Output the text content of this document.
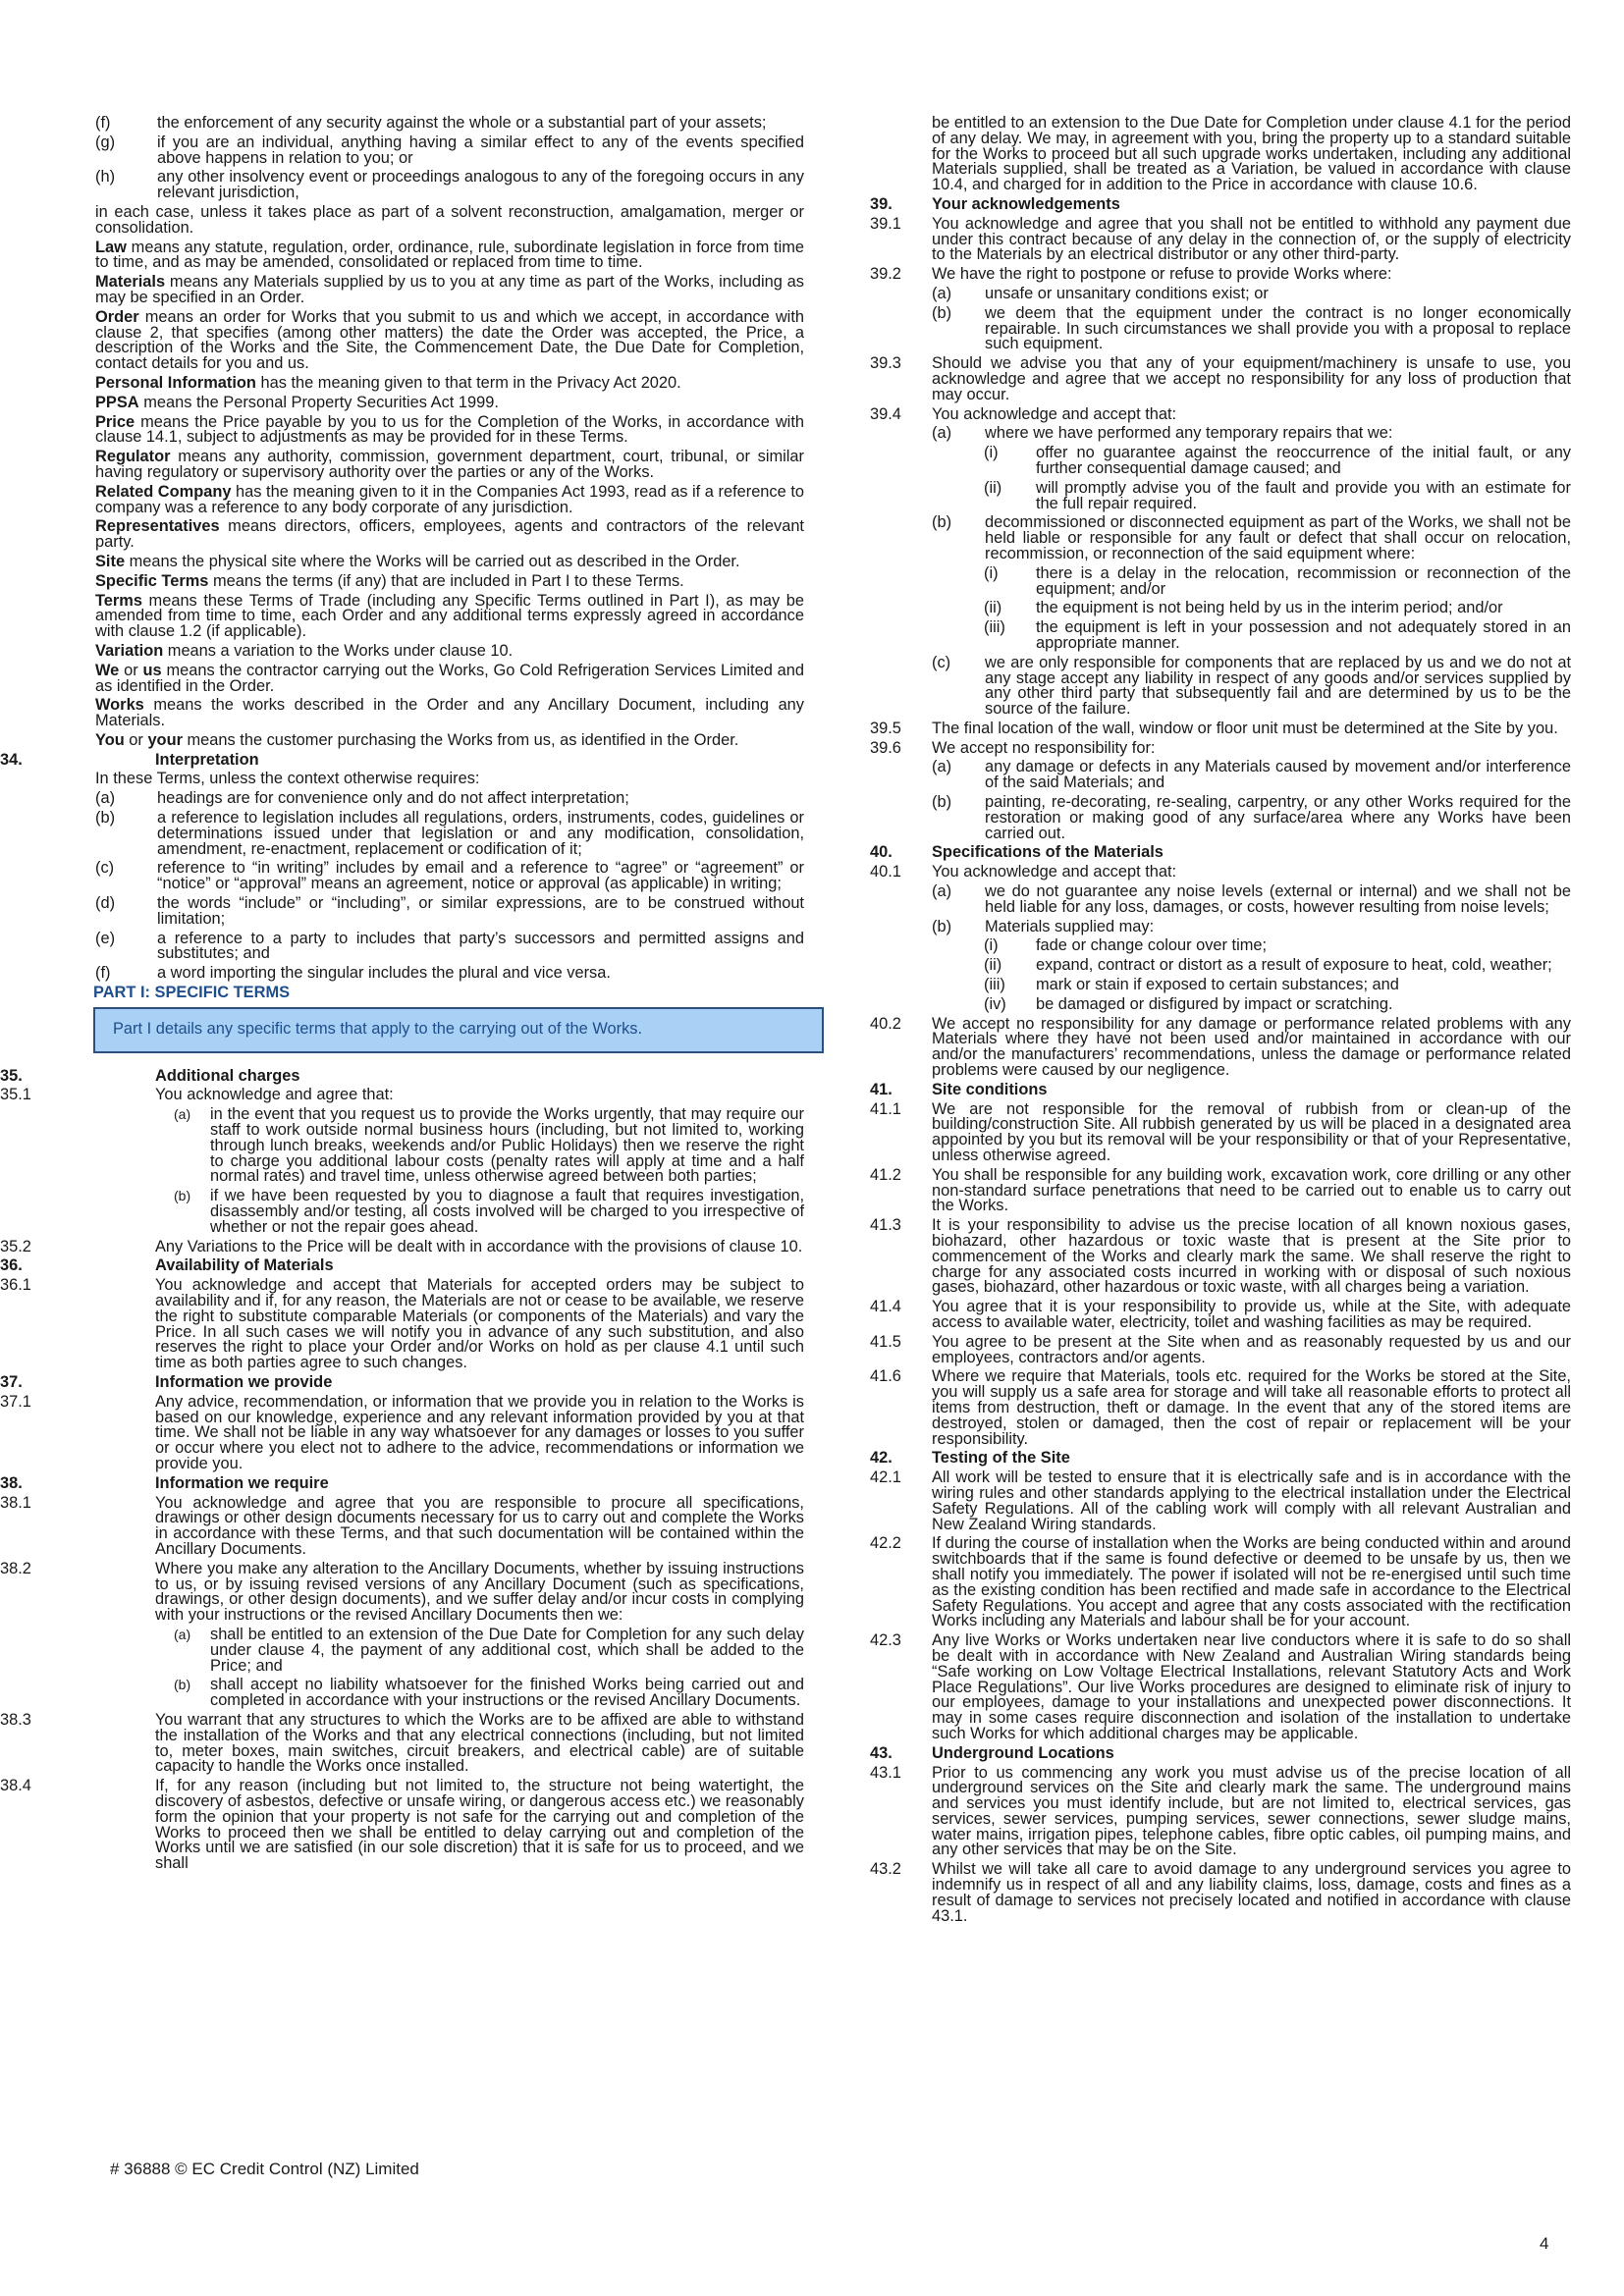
(f)	the enforcement of any security against the whole or a substantial part of your assets;
(g)	if you are an individual, anything having a similar effect to any of the events specified above happens in relation to you; or
(h)	any other insolvency event or proceedings analogous to any of the foregoing occurs in any relevant jurisdiction,

in each case, unless it takes place as part of a solvent reconstruction, amalgamation, merger or consolidation.

Law means any statute, regulation, order, ordinance, rule, subordinate legislation in force from time to time, and as may be amended, consolidated or replaced from time to time.

Materials means any Materials supplied by us to you at any time as part of the Works, including as may be specified in an Order.

Order means an order for Works that you submit to us and which we accept, in accordance with clause 2, that specifies (among other matters) the date the Order was accepted, the Price, a description of the Works and the Site, the Commencement Date, the Due Date for Completion, contact details for you and us.

Personal Information has the meaning given to that term in the Privacy Act 2020.

PPSA means the Personal Property Securities Act 1999.

Price means the Price payable by you to us for the Completion of the Works, in accordance with clause 14.1, subject to adjustments as may be provided for in these Terms.

Regulator means any authority, commission, government department, court, tribunal, or similar having regulatory or supervisory authority over the parties or any of the Works.

Related Company has the meaning given to it in the Companies Act 1993, read as if a reference to company was a reference to any body corporate of any jurisdiction.

Representatives means directors, officers, employees, agents and contractors of the relevant party.

Site means the physical site where the Works will be carried out as described in the Order.

Specific Terms means the terms (if any) that are included in Part I to these Terms.

Terms means these Terms of Trade (including any Specific Terms outlined in Part I), as may be amended from time to time, each Order and any additional terms expressly agreed in accordance with clause 1.2 (if applicable).

Variation means a variation to the Works under clause 10.

We or us means the contractor carrying out the Works, Go Cold Refrigeration Services Limited and as identified in the Order.

Works means the works described in the Order and any Ancillary Document, including any Materials.

You or your means the customer purchasing the Works from us, as identified in the Order.

34.	Interpretation

In these Terms, unless the context otherwise requires:

(a)	headings are for convenience only and do not affect interpretation;
(b)	a reference to legislation includes all regulations, orders, instruments, codes, guidelines or determinations issued under that legislation or and any modification, consolidation, amendment, re-enactment, replacement or codification of it;
(c)	reference to “in writing” includes by email and a reference to “agree” or “agreement” or “notice” or “approval” means an agreement, notice or approval (as applicable) in writing;
(d)	the words “include” or “including”, or similar expressions, are to be construed without limitation;
(e)	a reference to a party to includes that party’s successors and permitted assigns and substitutes; and
(f)	a word importing the singular includes the plural and vice versa.
PART I: SPECIFIC TERMS
Part I details any specific terms that apply to the carrying out of the Works.
35.	Additional charges
35.1	You acknowledge and agree that:
(a) in the event that you request us to provide the Works urgently, that may require our staff to work outside normal business hours (including, but not limited to, working through lunch breaks, weekends and/or Public Holidays) then we reserve the right to charge you additional labour costs (penalty rates will apply at time and a half normal rates) and travel time, unless otherwise agreed between both parties;
(b) if we have been requested by you to diagnose a fault that requires investigation, disassembly and/or testing, all costs involved will be charged to you irrespective of whether or not the repair goes ahead.
35.2	Any Variations to the Price will be dealt with in accordance with the provisions of clause 10.
36.	Availability of Materials
36.1	You acknowledge and accept that Materials for accepted orders may be subject to availability and if, for any reason, the Materials are not or cease to be available, we reserve the right to substitute comparable Materials (or components of the Materials) and vary the Price. In all such cases we will notify you in advance of any such substitution, and also reserves the right to place your Order and/or Works on hold as per clause 4.1 until such time as both parties agree to such changes.
37.	Information we provide
37.1	Any advice, recommendation, or information that we provide you in relation to the Works is based on our knowledge, experience and any relevant information provided by you at that time. We shall not be liable in any way whatsoever for any damages or losses to you suffer or occur where you elect not to adhere to the advice, recommendations or information we provide you.
38.	Information we require
38.1	You acknowledge and agree that you are responsible to procure all specifications, drawings or other design documents necessary for us to carry out and complete the Works in accordance with these Terms, and that such documentation will be contained within the Ancillary Documents.
38.2	Where you make any alteration to the Ancillary Documents, whether by issuing instructions to us, or by issuing revised versions of any Ancillary Document (such as specifications, drawings, or other design documents), and we suffer delay and/or incur costs in complying with your instructions or the revised Ancillary Documents then we:
(a) shall be entitled to an extension of the Due Date for Completion for any such delay under clause 4, the payment of any additional cost, which shall be added to the Price; and
(b) shall accept no liability whatsoever for the finished Works being carried out and completed in accordance with your instructions or the revised Ancillary Documents.
38.3	You warrant that any structures to which the Works are to be affixed are able to withstand the installation of the Works and that any electrical connections (including, but not limited to, meter boxes, main switches, circuit breakers, and electrical cable) are of suitable capacity to handle the Works once installed.
38.4	If, for any reason (including but not limited to, the structure not being watertight, the discovery of asbestos, defective or unsafe wiring, or dangerous access etc.) we reasonably form the opinion that your property is not safe for the carrying out and completion of the Works to proceed then we shall be entitled to delay carrying out and completion of the Works until we are satisfied (in our sole discretion) that it is safe for us to proceed, and we shall

be entitled to an extension to the Due Date for Completion under clause 4.1 for the period of any delay. We may, in agreement with you, bring the property up to a standard suitable for the Works to proceed but all such upgrade works undertaken, including any additional Materials supplied, shall be treated as a Variation, be valued in accordance with clause 10.4, and charged for in addition to the Price in accordance with clause 10.6.

39. Your acknowledgements
39.1 You acknowledge and agree that you shall not be entitled to withhold any payment due under this contract because of any delay in the connection of, or the supply of electricity to the Materials by an electrical distributor or any other third-party.
39.2 We have the right to postpone or refuse to provide Works where:
(a) unsafe or unsanitary conditions exist; or
(b) we deem that the equipment under the contract is no longer economically repairable. In such circumstances we shall provide you with a proposal to replace such equipment.
39.3 Should we advise you that any of your equipment/machinery is unsafe to use, you acknowledge and agree that we accept no responsibility for any loss of production that may occur.
39.4 You acknowledge and accept that:
(a) where we have performed any temporary repairs that we:
(i) offer no guarantee against the reoccurrence of the initial fault, or any further consequential damage caused; and
(ii) will promptly advise you of the fault and provide you with an estimate for the full repair required.
(b) decommissioned or disconnected equipment as part of the Works, we shall not be held liable or responsible for any fault or defect that shall occur on relocation, recommission, or reconnection of the said equipment where:
(i) there is a delay in the relocation, recommission or reconnection of the equipment; and/or
(ii) the equipment is not being held by us in the interim period; and/or
(iii) the equipment is left in your possession and not adequately stored in an appropriate manner.
(c) we are only responsible for components that are replaced by us and we do not at any stage accept any liability in respect of any goods and/or services supplied by any other third party that subsequently fail and are determined by us to be the source of the failure.
39.5 The final location of the wall, window or floor unit must be determined at the Site by you.
39.6 We accept no responsibility for:
(a) any damage or defects in any Materials caused by movement and/or interference of the said Materials; and
(b) painting, re-decorating, re-sealing, carpentry, or any other Works required for the restoration or making good of any surface/area where any Works have been carried out.
40. Specifications of the Materials
40.1 You acknowledge and accept that:
(a) we do not guarantee any noise levels (external or internal) and we shall not be held liable for any loss, damages, or costs, however resulting from noise levels;
(b) Materials supplied may:
(i) fade or change colour over time;
(ii) expand, contract or distort as a result of exposure to heat, cold, weather;
(iii) mark or stain if exposed to certain substances; and
(iv) be damaged or disfigured by impact or scratching.
40.2 We accept no responsibility for any damage or performance related problems with any Materials where they have not been used and/or maintained in accordance with our and/or the manufacturers’ recommendations, unless the damage or performance related problems were caused by our negligence.
41. Site conditions
41.1 We are not responsible for the removal of rubbish from or clean-up of the building/construction Site. All rubbish generated by us will be placed in a designated area appointed by you but its removal will be your responsibility or that of your Representative, unless otherwise agreed.
41.2 You shall be responsible for any building work, excavation work, core drilling or any other non-standard surface penetrations that need to be carried out to enable us to carry out the Works.
41.3 It is your responsibility to advise us the precise location of all known noxious gases, biohazard, other hazardous or toxic waste that is present at the Site prior to commencement of the Works and clearly mark the same. We shall reserve the right to charge for any associated costs incurred in working with or disposal of such noxious gases, biohazard, other hazardous or toxic waste, with all charges being a variation.
41.4 You agree that it is your responsibility to provide us, while at the Site, with adequate access to available water, electricity, toilet and washing facilities as may be required.
41.5 You agree to be present at the Site when and as reasonably requested by us and our employees, contractors and/or agents.
41.6 Where we require that Materials, tools etc. required for the Works be stored at the Site, you will supply us a safe area for storage and will take all reasonable efforts to protect all items from destruction, theft or damage. In the event that any of the stored items are destroyed, stolen or damaged, then the cost of repair or replacement will be your responsibility.
42. Testing of the Site
42.1 All work will be tested to ensure that it is electrically safe and is in accordance with the wiring rules and other standards applying to the electrical installation under the Electrical Safety Regulations. All of the cabling work will comply with all relevant Australian and New Zealand Wiring standards.
42.2 If during the course of installation when the Works are being conducted within and around switchboards that if the same is found defective or deemed to be unsafe by us, then we shall notify you immediately. The power if isolated will not be re-energised until such time as the existing condition has been rectified and made safe in accordance to the Electrical Safety Regulations. You accept and agree that any costs associated with the rectification Works including any Materials and labour shall be for your account.
42.3 Any live Works or Works undertaken near live conductors where it is safe to do so shall be dealt with in accordance with New Zealand and Australian Wiring standards being “Safe working on Low Voltage Electrical Installations, relevant Statutory Acts and Work Place Regulations”. Our live Works procedures are designed to eliminate risk of injury to our employees, damage to your installations and unexpected power disconnections. It may in some cases require disconnection and isolation of the installation to undertake such Works for which additional charges may be applicable.
43. Underground Locations
43.1 Prior to us commencing any work you must advise us of the precise location of all underground services on the Site and clearly mark the same. The underground mains and services you must identify include, but are not limited to, electrical services, gas services, sewer services, pumping services, sewer connections, sewer sludge mains, water mains, irrigation pipes, telephone cables, fibre optic cables, oil pumping mains, and any other services that may be on the Site.
43.2 Whilst we will take all care to avoid damage to any underground services you agree to indemnify us in respect of all and any liability claims, loss, damage, costs and fines as a result of damage to services not precisely located and notified in accordance with clause 43.1.
# 36888 © EC Credit Control (NZ) Limited
4
